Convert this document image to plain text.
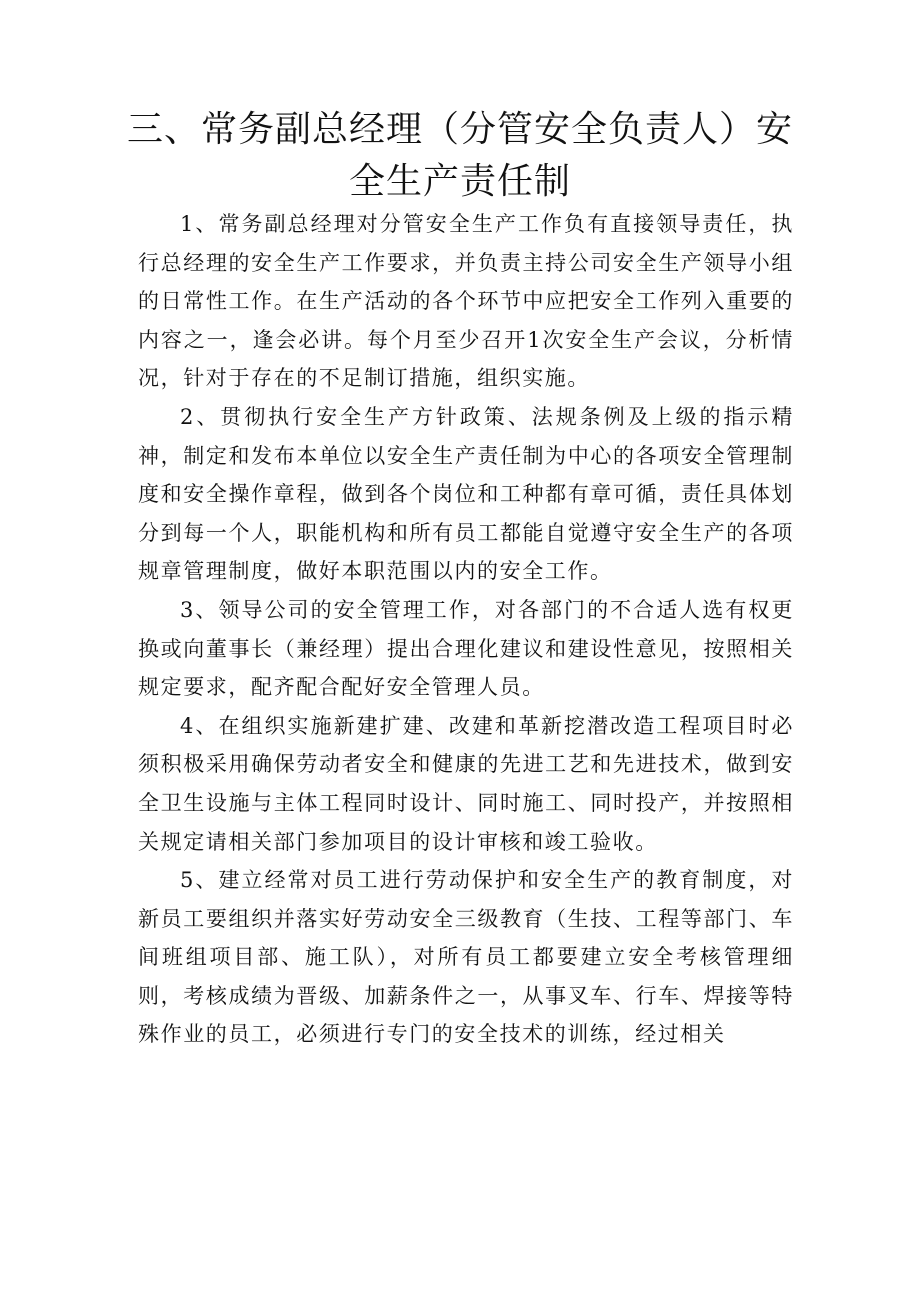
三、常务副总经理（分管安全负责人）安全生产责任制

1、常务副总经理对分管安全生产工作负有直接领导责任，执行总经理的安全生产工作要求，并负责主持公司安全生产领导小组的日常性工作。在生产活动的各个环节中应把安全工作列入重要的内容之一，逢会必讲。每个月至少召开1次安全生产会议，分析情况，针对于存在的不足制订措施，组织实施。

2、贯彻执行安全生产方针政策、法规条例及上级的指示精神，制定和发布本单位以安全生产责任制为中心的各项安全管理制度和安全操作章程，做到各个岗位和工种都有章可循，责任具体划分到每一个人，职能机构和所有员工都能自觉遵守安全生产的各项规章管理制度，做好本职范围以内的安全工作。

3、领导公司的安全管理工作，对各部门的不合适人选有权更换或向董事长（兼经理）提出合理化建议和建设性意见，按照相关规定要求，配齐配合配好安全管理人员。

4、在组织实施新建扩建、改建和革新挖潜改造工程项目时必须积极采用确保劳动者安全和健康的先进工艺和先进技术，做到安全卫生设施与主体工程同时设计、同时施工、同时投产，并按照相关规定请相关部门参加项目的设计审核和竣工验收。

5、建立经常对员工进行劳动保护和安全生产的教育制度，对新员工要组织并落实好劳动安全三级教育（生技、工程等部门、车间班组项目部、施工队），对所有员工都要建立安全考核管理细则，考核成绩为晋级、加薪条件之一，从事叉车、行车、焊接等特殊作业的员工，必须进行专门的安全技术的训练，经过相关
